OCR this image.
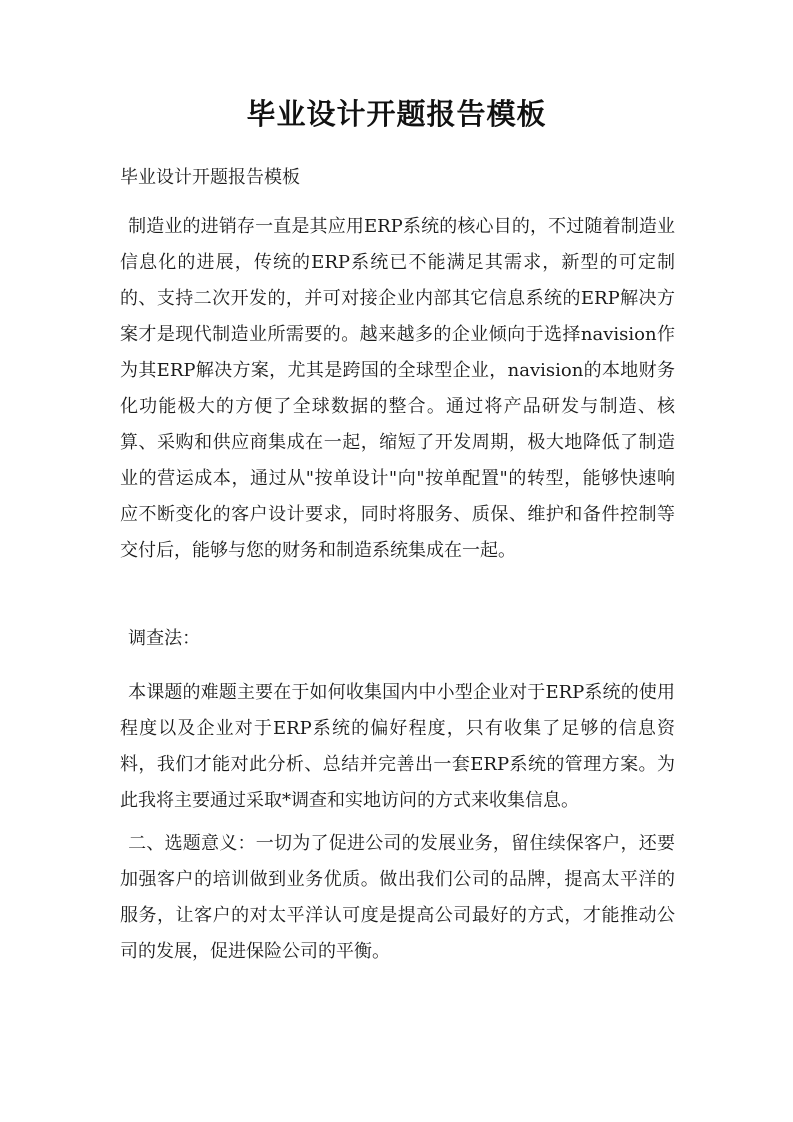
毕业设计开题报告模板

毕业设计开题报告模板

制造业的进销存一直是其应用ERP系统的核心目的，不过随着制造业信息化的进展，传统的ERP系统已不能满足其需求，新型的可定制的、支持二次开发的，并可对接企业内部其它信息系统的ERP解决方案才是现代制造业所需要的。越来越多的企业倾向于选择navision作为其ERP解决方案，尤其是跨国的全球型企业，navision的本地财务化功能极大的方便了全球数据的整合。通过将产品研发与制造、核算、采购和供应商集成在一起，缩短了开发周期，极大地降低了制造业的营运成本，通过从"按单设计"向"按单配置"的转型，能够快速响应不断变化的客户设计要求，同时将服务、质保、维护和备件控制等交付后，能够与您的财务和制造系统集成在一起。

调查法：

本课题的难题主要在于如何收集国内中小型企业对于ERP系统的使用程度以及企业对于ERP系统的偏好程度，只有收集了足够的信息资料，我们才能对此分析、总结并完善出一套ERP系统的管理方案。为此我将主要通过采取*调查和实地访问的方式来收集信息。

二、选题意义：一切为了促进公司的发展业务，留住续保客户，还要加强客户的培训做到业务优质。做出我们公司的品牌，提高太平洋的服务，让客户的对太平洋认可度是提高公司最好的方式，才能推动公司的发展，促进保险公司的平衡。
